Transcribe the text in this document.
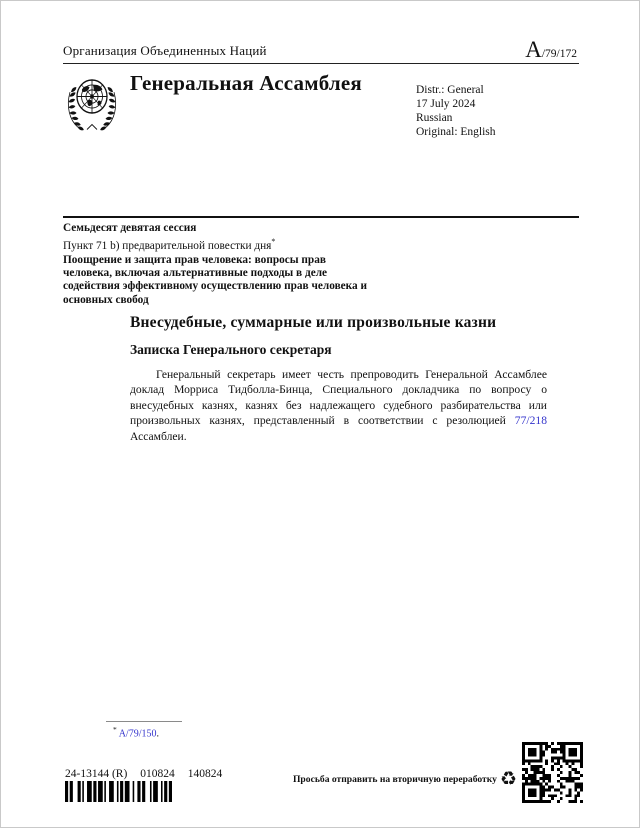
Организация Объединенных Наций	A /79/172
Генеральная Ассамблея	Distr.: General
17 July 2024
Russian
Original: English
Семьдесят девятая сессия
Пункт 71 b) предварительной повестки дня*
Поощрение и защита прав человека: вопросы прав человека, включая альтернативные подходы в деле содействия эффективному осуществлению прав человека и основных свобод
Внесудебные, суммарные или произвольные казни
Записка Генерального секретаря

Генеральный секретарь имеет честь препроводить Генеральной Ассамблее доклад Морриса Тидболла-Бинца, Специального докладчика по вопросу о внесудебных казнях, казнях без надлежащего судебного разбирательства или произвольных казнях, представленный в соответствии с резолюцией 77/218 Ассамблеи.

* A/79/150.
24-13144 (R) 010824 140824	Просьба отправить на вторичную переработку ♻
